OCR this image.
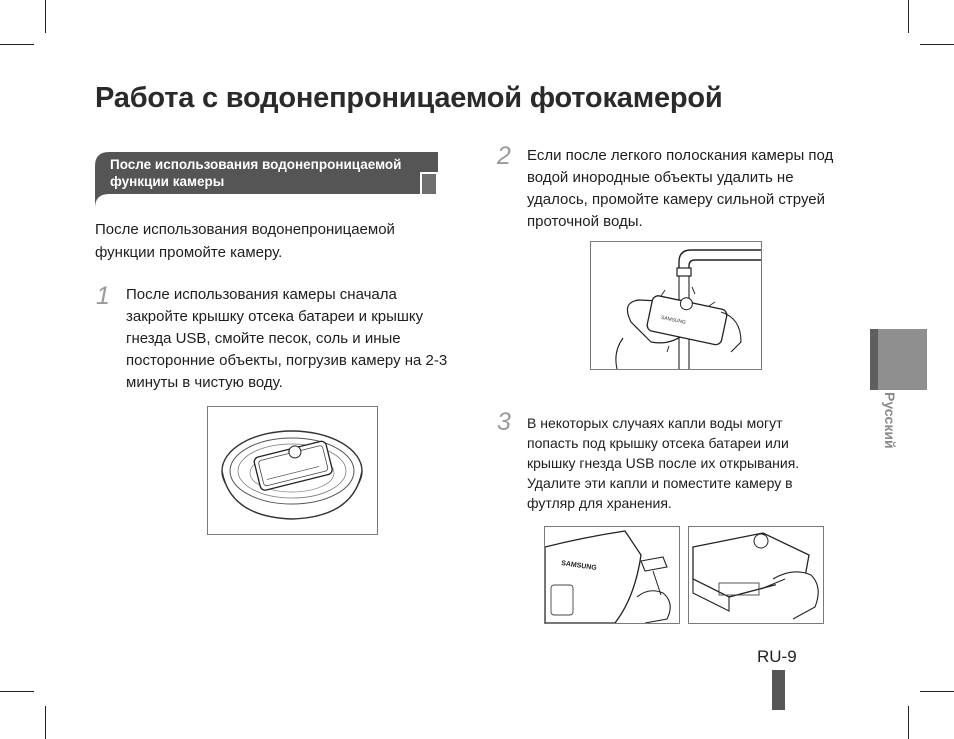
Работа с водонепроницаемой фотокамерой
После использования водонепроницаемой функции камеры
После использования водонепроницаемой функции промойте камеру.
1 После использования камеры сначала закройте крышку отсека батареи и крышку гнезда USB, смойте песок, соль и иные посторонние объекты, погрузив камеру на 2-3 минуты в чистую воду.
2 Если после легкого полоскания камеры под водой инородные объекты удалить не удалось, промойте камеру сильной струей проточной воды.
SAMSUNG
3 В некоторых случаях капли воды могут попасть под крышку отсека батареи или крышку гнезда USB после их открывания. Удалите эти капли и поместите камеру в футляр для хранения.
SAMSUNG
Русский
RU-9
